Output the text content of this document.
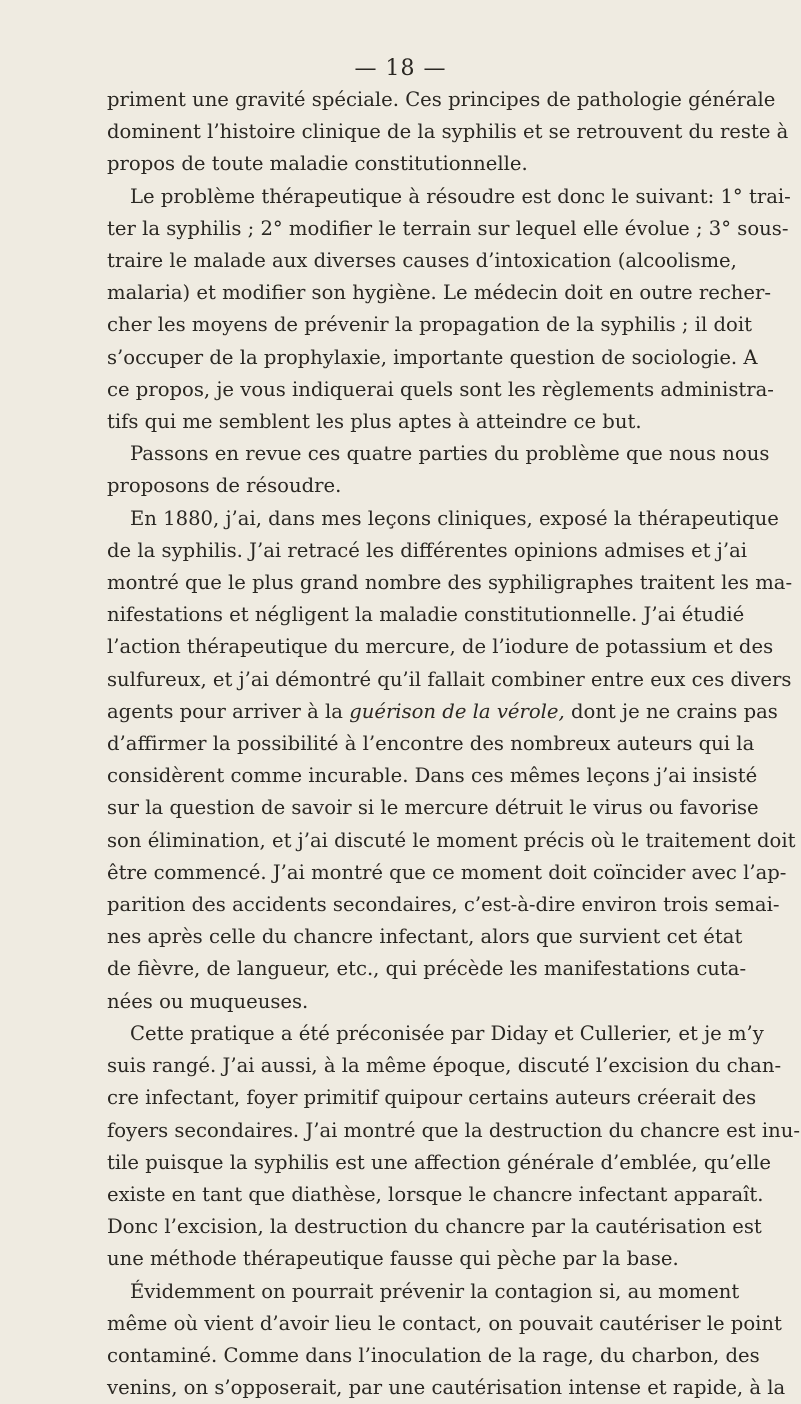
— 18 —
priment une gravité spéciale. Ces principes de pathologie générale
dominent l’histoire clinique de la syphilis et se retrouvent du reste à
propos de toute maladie constitutionnelle.
Le problème thérapeutique à résoudre est donc le suivant: 1° trai-
ter la syphilis ; 2° modifier le terrain sur lequel elle évolue ; 3° sous-
traire le malade aux diverses causes d’intoxication (alcoolisme,
malaria) et modifier son hygiène. Le médecin doit en outre recher-
cher les moyens de prévenir la propagation de la syphilis ; il doit
s’occuper de la prophylaxie, importante question de sociologie. A
ce propos, je vous indiquerai quels sont les règlements administra-
tifs qui me semblent les plus aptes à atteindre ce but.
Passons en revue ces quatre parties du problème que nous nous
proposons de résoudre.
En 1880, j’ai, dans mes leçons cliniques, exposé la thérapeutique
de la syphilis. J’ai retracé les différentes opinions admises et j’ai
montré que le plus grand nombre des syphiligraphes traitent les ma-
nifestations et négligent la maladie constitutionnelle. J’ai étudié
l’action thérapeutique du mercure, de l’iodure de potassium et des
sulfureux, et j’ai démontré qu’il fallait combiner entre eux ces divers
agents pour arriver à la guérison de la vérole, dont je ne crains pas
d’affirmer la possibilité à l’encontre des nombreux auteurs qui la
considèrent comme incurable. Dans ces mêmes leçons j’ai insisté
sur la question de savoir si le mercure détruit le virus ou favorise
son élimination, et j’ai discuté le moment précis où le traitement doit
être commencé. J’ai montré que ce moment doit coïncider avec l’ap-
parition des accidents secondaires, c’est-à-dire environ trois semai-
nes après celle du chancre infectant, alors que survient cet état
de fièvre, de langueur, etc., qui précède les manifestations cuta-
nées ou muqueuses.
Cette pratique a été préconisée par Diday et Cullerier, et je m’y
suis rangé. J’ai aussi, à la même époque, discuté l’excision du chan-
cre infectant, foyer primitif quipour certains auteurs créerait des
foyers secondaires. J’ai montré que la destruction du chancre est inu-
tile puisque la syphilis est une affection générale d’emblée, qu’elle
existe en tant que diathèse, lorsque le chancre infectant apparaît.
Donc l’excision, la destruction du chancre par la cautérisation est
une méthode thérapeutique fausse qui pèche par la base.
Évidemment on pourrait prévenir la contagion si, au moment
même où vient d’avoir lieu le contact, on pouvait cautériser le point
contaminé. Comme dans l’inoculation de la rage, du charbon, des
venins, on s’opposerait, par une cautérisation intense et rapide, à la
